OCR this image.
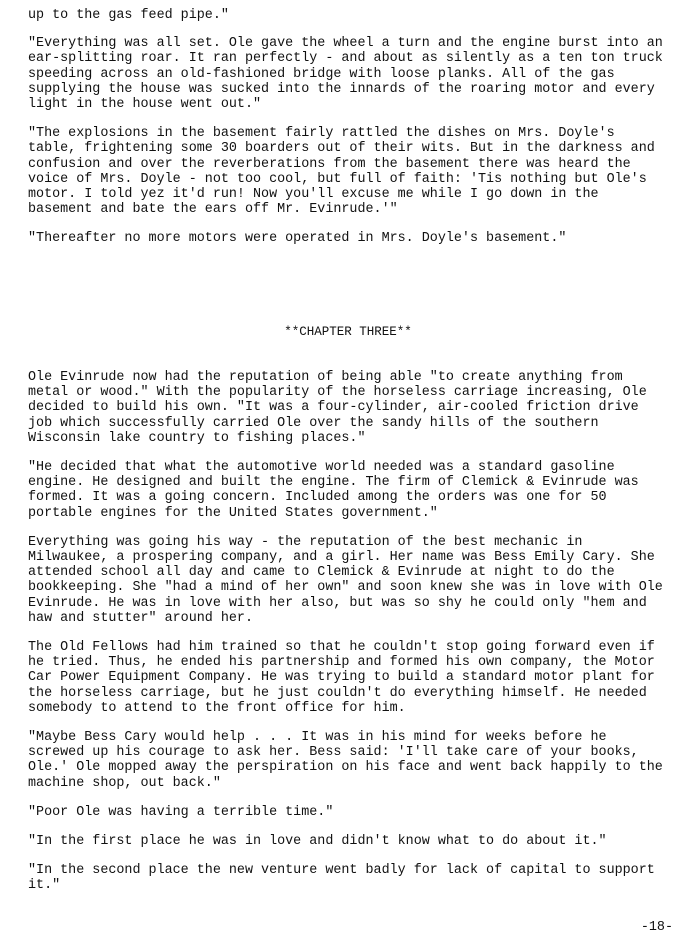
up to the gas feed pipe."

"Everything was all set. Ole gave the wheel a turn and the engine burst into an ear-splitting roar. It ran perfectly - and about as silently as a ten ton truck speeding across an old-fashioned bridge with loose planks. All of the gas supplying the house was sucked into the innards of the roaring motor and every light in the house went out."

"The explosions in the basement fairly rattled the dishes on Mrs. Doyle's table, frightening some 30 boarders out of their wits. But in the darkness and confusion and over the reverberations from the basement there was heard the voice of Mrs. Doyle - not too cool, but full of faith: 'Tis nothing but Ole's motor. I told yez it'd run! Now you'll excuse me while I go down in the basement and bate the ears off Mr. Evinrude.'"

"Thereafter no more motors were operated in Mrs. Doyle's basement."

**CHAPTER THREE**

Ole Evinrude now had the reputation of being able "to create anything from metal or wood." With the popularity of the horseless carriage increasing, Ole decided to build his own. "It was a four-cylinder, air-cooled friction drive job which successfully carried Ole over the sandy hills of the southern Wisconsin lake country to fishing places."

"He decided that what the automotive world needed was a standard gasoline engine. He designed and built the engine. The firm of Clemick & Evinrude was formed. It was a going concern. Included among the orders was one for 50 portable engines for the United States government."

Everything was going his way - the reputation of the best mechanic in Milwaukee, a prospering company, and a girl. Her name was Bess Emily Cary. She attended school all day and came to Clemick & Evinrude at night to do the bookkeeping. She "had a mind of her own" and soon knew she was in love with Ole Evinrude. He was in love with her also, but was so shy he could only "hem and haw and stutter" around her.

The Old Fellows had him trained so that he couldn't stop going forward even if he tried. Thus, he ended his partnership and formed his own company, the Motor Car Power Equipment Company. He was trying to build a standard motor plant for the horseless carriage, but he just couldn't do everything himself. He needed somebody to attend to the front office for him.

"Maybe Bess Cary would help . . . It was in his mind for weeks before he screwed up his courage to ask her. Bess said: 'I'll take care of your books, Ole.' Ole mopped away the perspiration on his face and went back happily to the machine shop, out back."

"Poor Ole was having a terrible time."

"In the first place he was in love and didn't know what to do about it."

"In the second place the new venture went badly for lack of capital to support it."

-18-
